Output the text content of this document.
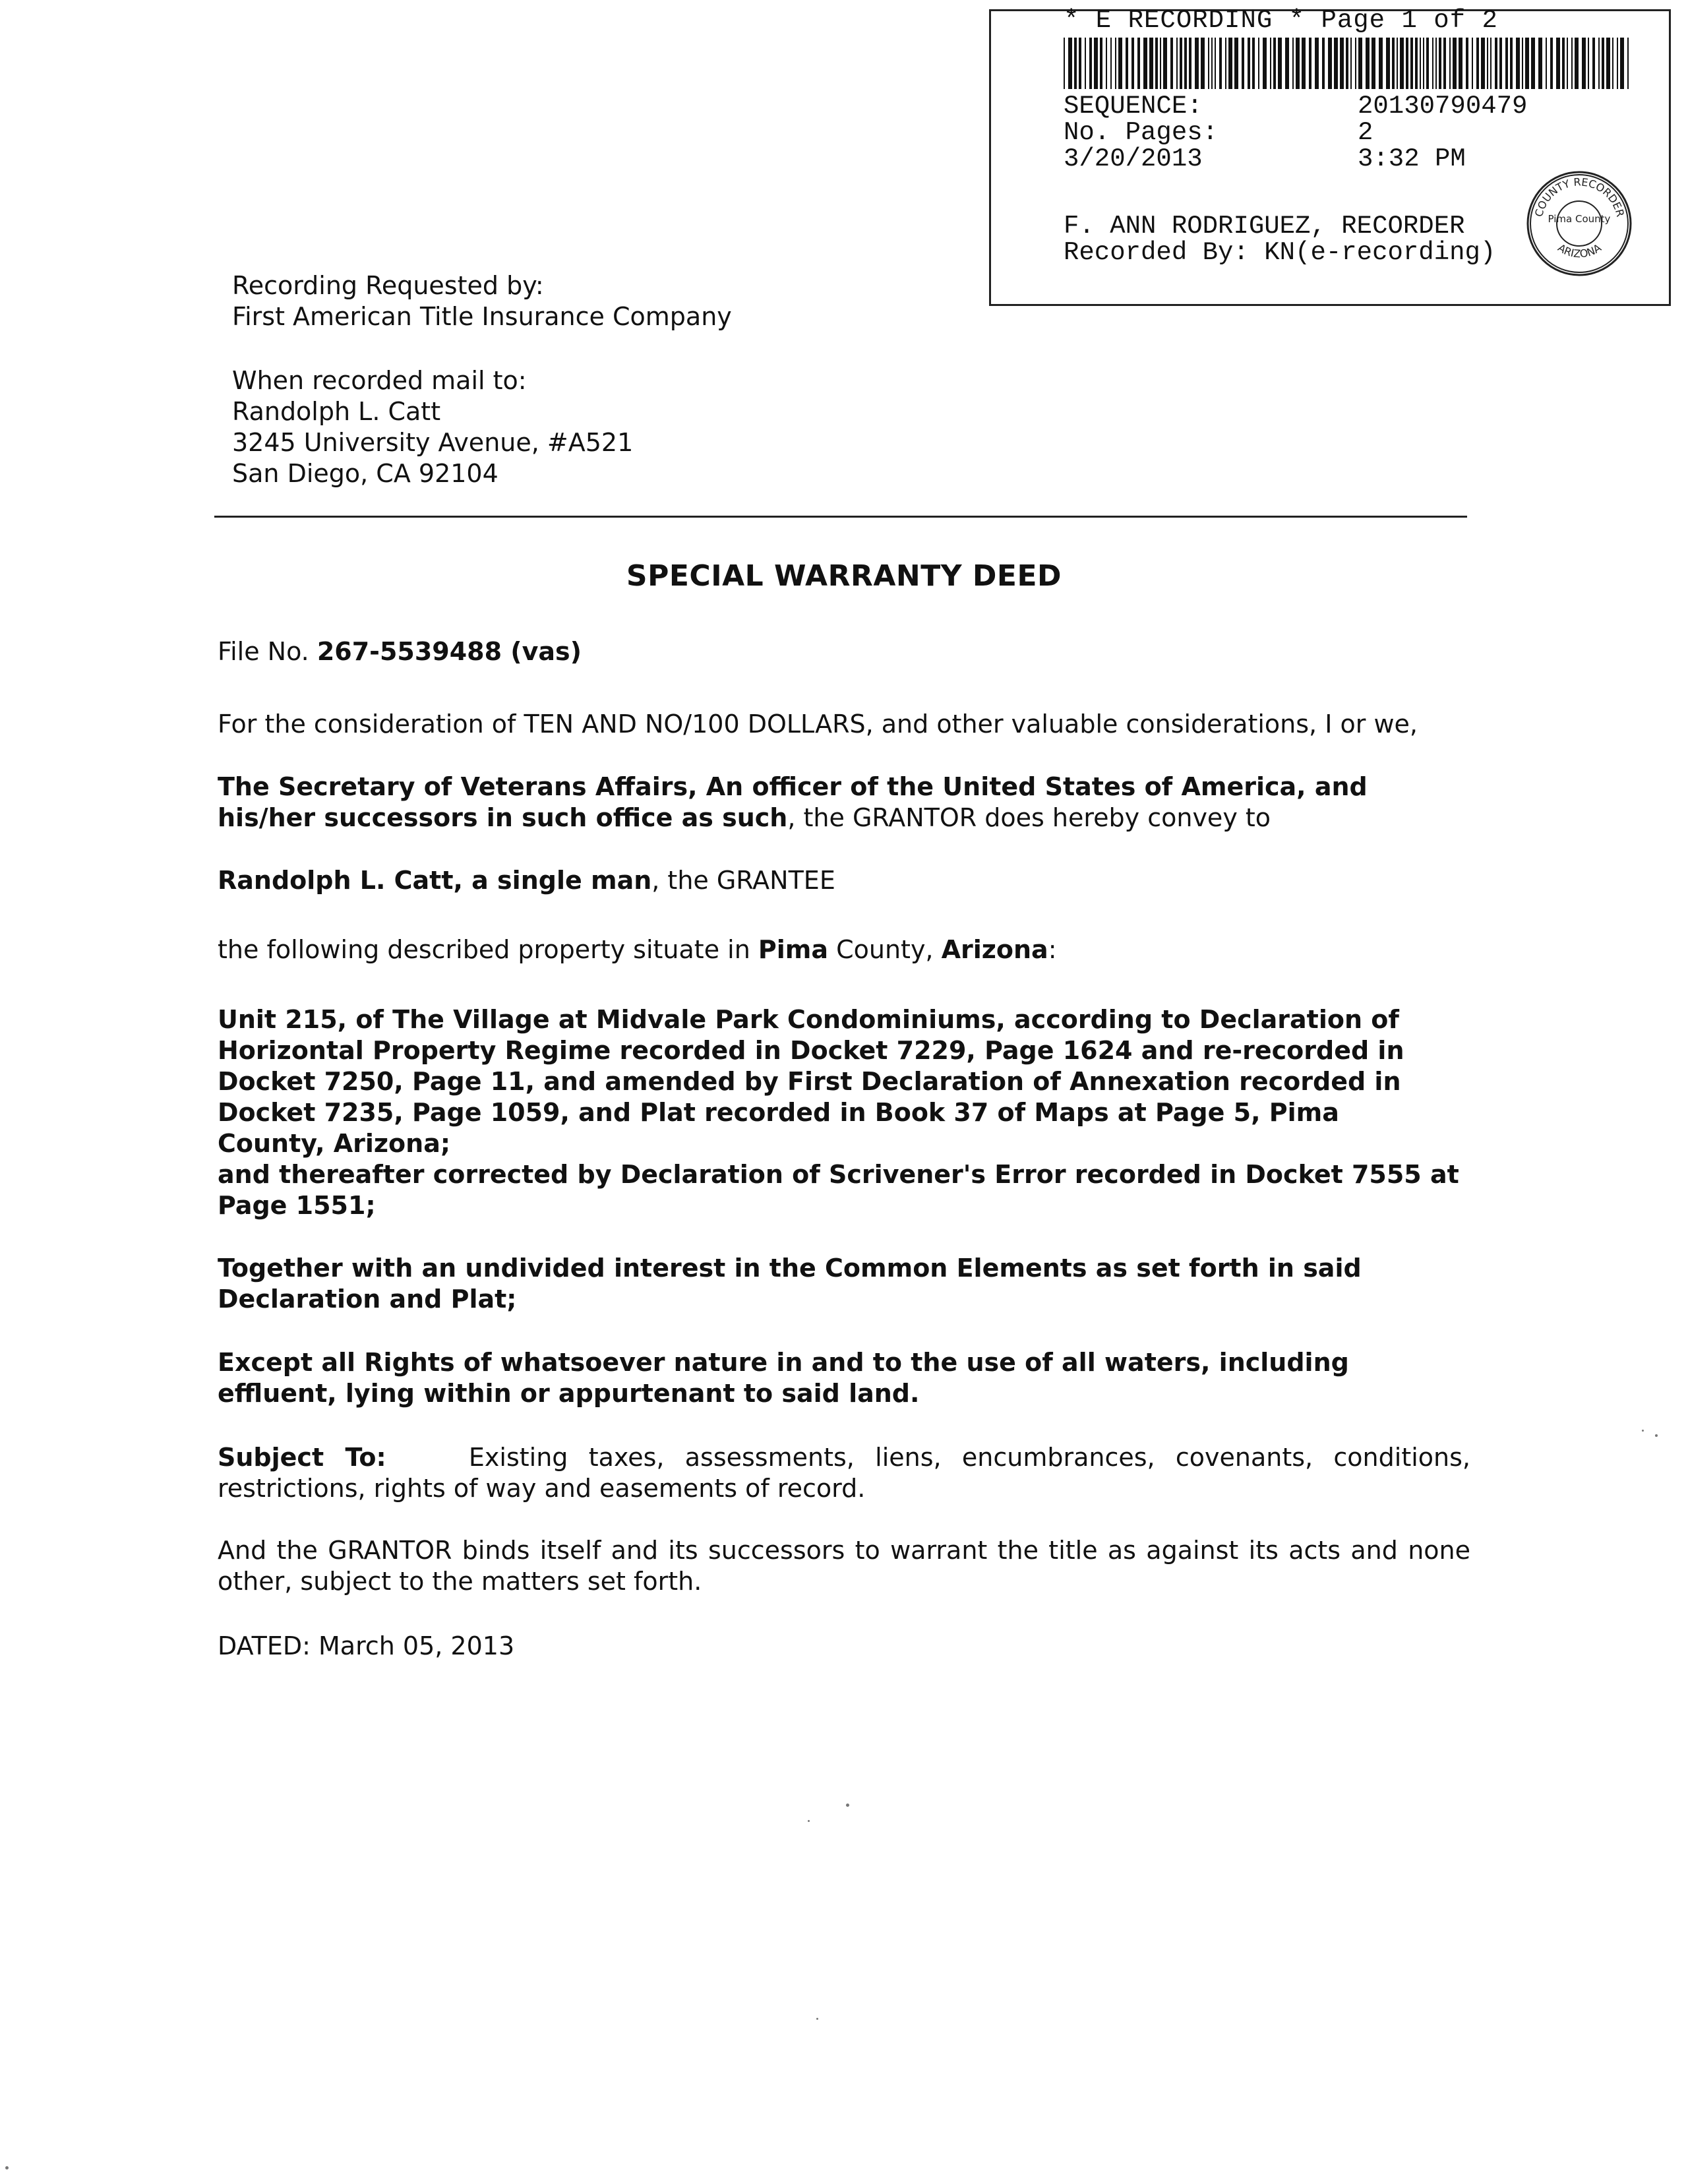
* E RECORDING * Page 1 of 2
SEQUENCE:	20130790479
No. Pages:	2
3/20/2013	3:32 PM
F. ANN RODRIGUEZ, RECORDER
Recorded By: KN(e-recording)
COUNTY RECORDER
Pima County
ARIZONA
Recording Requested by:
First American Title Insurance Company
When recorded mail to:
Randolph L. Catt
3245 University Avenue, #A521
San Diego, CA 92104
SPECIAL WARRANTY DEED
File No. 267-5539488 (vas)
For the consideration of TEN AND NO/100 DOLLARS, and other valuable considerations, I or we,
The Secretary of Veterans Affairs, An officer of the United States of America, and his/her successors in such office as such, the GRANTOR does hereby convey to
Randolph L. Catt, a single man, the GRANTEE
the following described property situate in Pima County, Arizona:
Unit 215, of The Village at Midvale Park Condominiums, according to Declaration of Horizontal Property Regime recorded in Docket 7229, Page 1624 and re-recorded in Docket 7250, Page 11, and amended by First Declaration of Annexation recorded in Docket 7235, Page 1059, and Plat recorded in Book 37 of Maps at Page 5, Pima County, Arizona;
and thereafter corrected by Declaration of Scrivener's Error recorded in Docket 7555 at Page 1551;
Together with an undivided interest in the Common Elements as set forth in said Declaration and Plat;
Except all Rights of whatsoever nature in and to the use of all waters, including effluent, lying within or appurtenant to said land.
Subject To:	Existing taxes, assessments, liens, encumbrances, covenants, conditions, restrictions, rights of way and easements of record.
And the GRANTOR binds itself and its successors to warrant the title as against its acts and none other, subject to the matters set forth.
DATED: March 05, 2013
